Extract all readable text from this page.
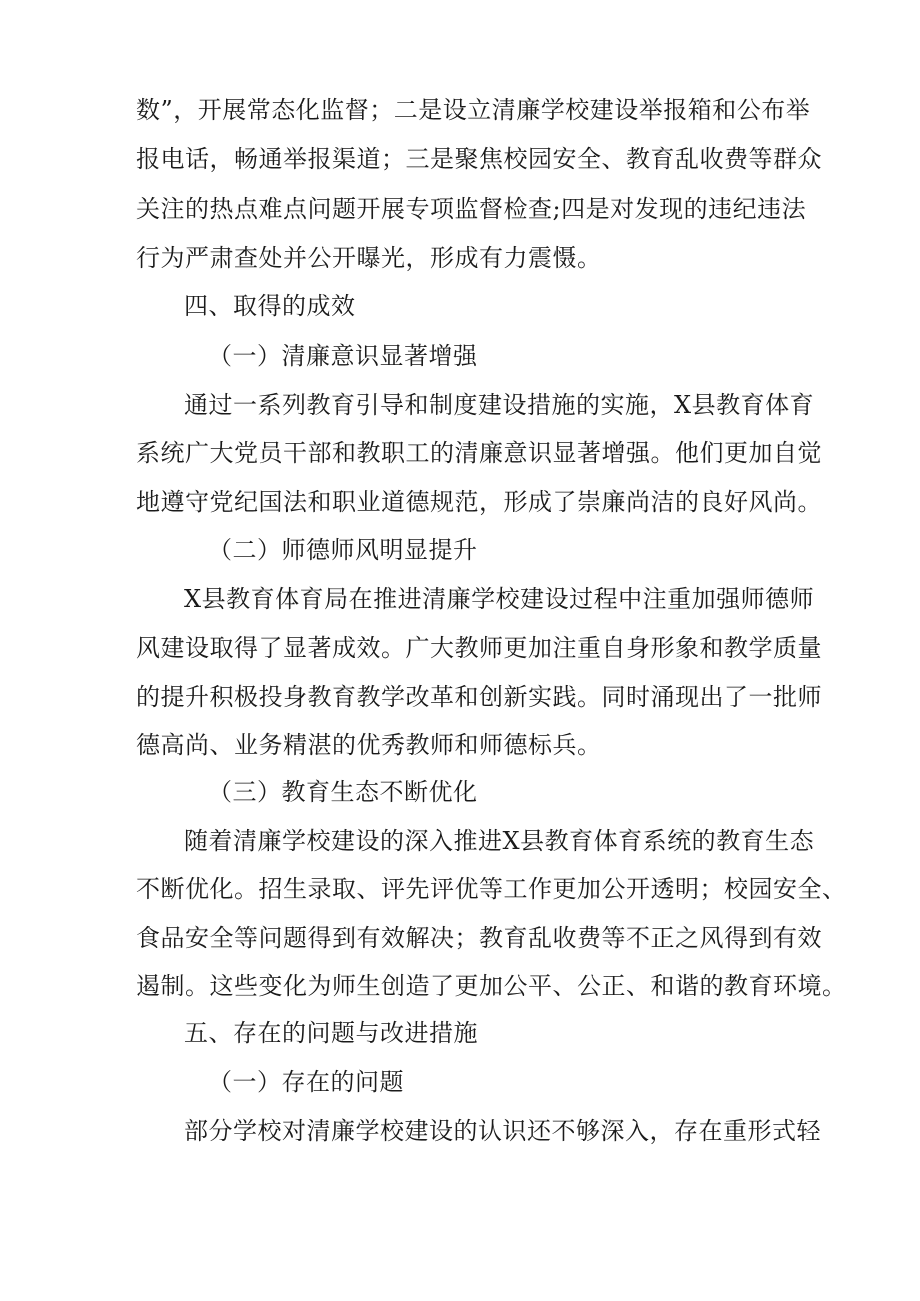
数”，开展常态化监督；二是设立清廉学校建设举报箱和公布举
报电话，畅通举报渠道；三是聚焦校园安全、教育乱收费等群众
关注的热点难点问题开展专项监督检查;四是对发现的违纪违法
行为严肃查处并公开曝光，形成有力震慑。
四、取得的成效
（一）清廉意识显著增强
通过一系列教育引导和制度建设措施的实施，X县教育体育
系统广大党员干部和教职工的清廉意识显著增强。他们更加自觉
地遵守党纪国法和职业道德规范，形成了崇廉尚洁的良好风尚。
（二）师德师风明显提升
X县教育体育局在推进清廉学校建设过程中注重加强师德师
风建设取得了显著成效。广大教师更加注重自身形象和教学质量
的提升积极投身教育教学改革和创新实践。同时涌现出了一批师
德高尚、业务精湛的优秀教师和师德标兵。
（三）教育生态不断优化
随着清廉学校建设的深入推进X县教育体育系统的教育生态
不断优化。招生录取、评先评优等工作更加公开透明；校园安全、
食品安全等问题得到有效解决；教育乱收费等不正之风得到有效
遏制。这些变化为师生创造了更加公平、公正、和谐的教育环境。
五、存在的问题与改进措施
（一）存在的问题
部分学校对清廉学校建设的认识还不够深入，存在重形式轻
